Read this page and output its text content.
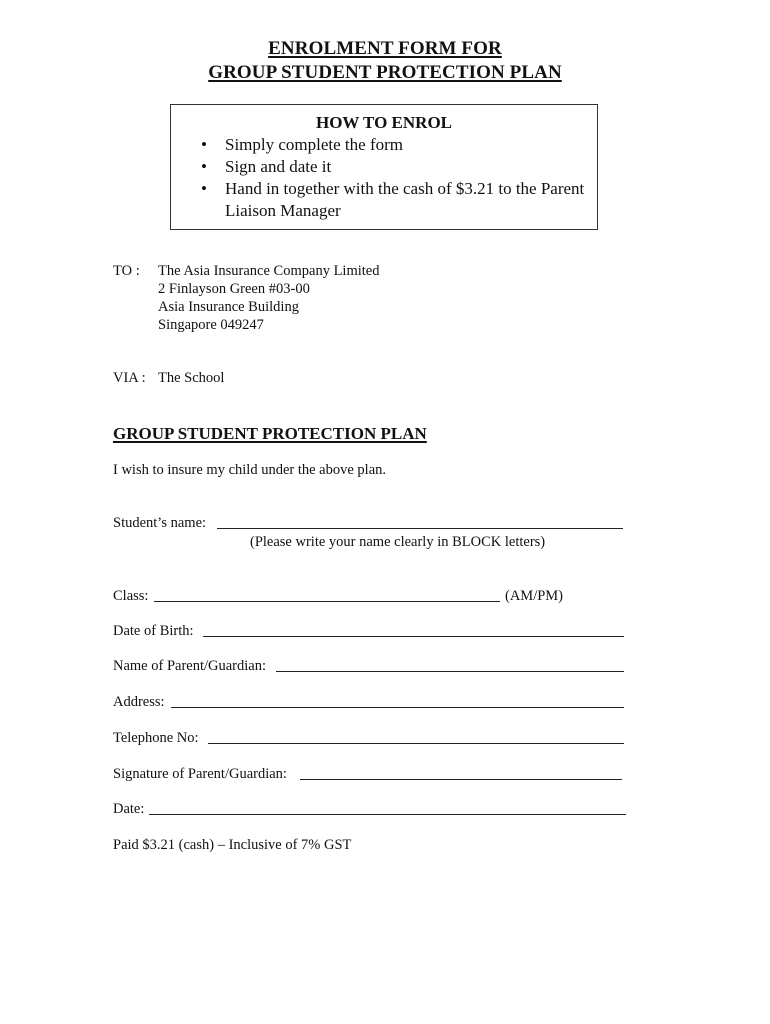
ENROLMENT FORM FOR
GROUP STUDENT PROTECTION PLAN
HOW TO ENROL
• Simply complete the form
• Sign and date it
• Hand in together with the cash of $3.21 to the Parent Liaison Manager
TO : The Asia Insurance Company Limited
2 Finlayson Green #03-00
Asia Insurance Building
Singapore 049247
VIA : The School
GROUP STUDENT PROTECTION PLAN
I wish to insure my child under the above plan.
Student’s name:
(Please write your name clearly in BLOCK letters)
Class:	(AM/PM)
Date of Birth:
Name of Parent/Guardian:
Address:
Telephone No:
Signature of Parent/Guardian:
Date:
Paid $3.21 (cash) – Inclusive of 7% GST
